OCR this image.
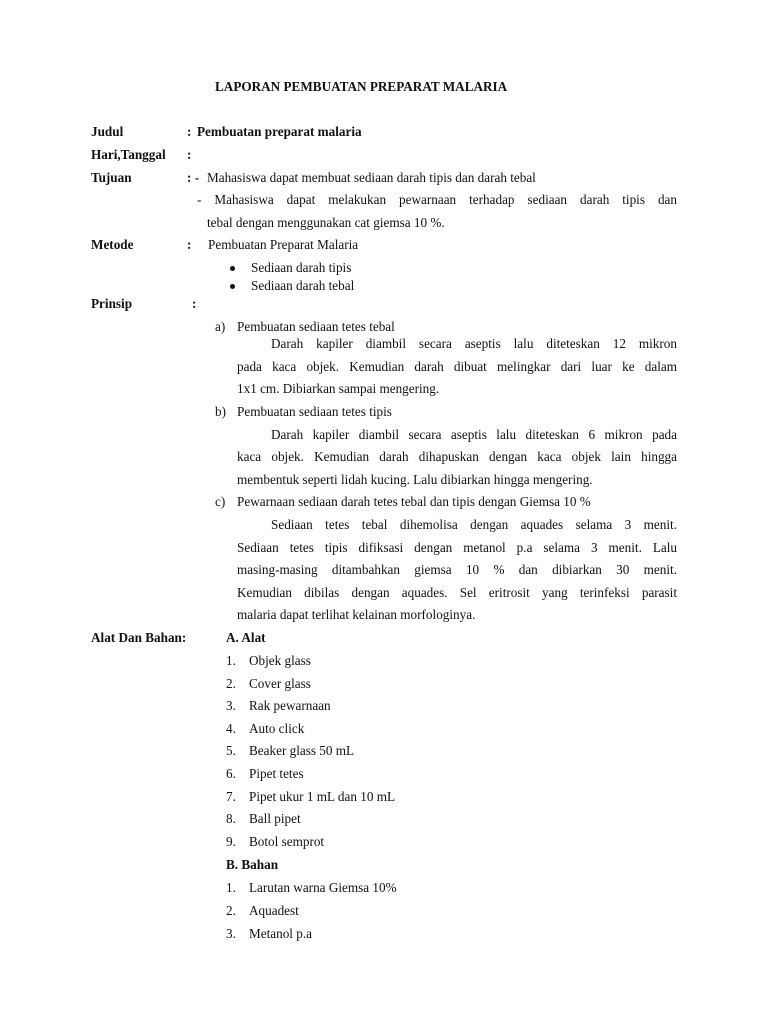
LAPORAN PEMBUATAN PREPARAT MALARIA
Judul	: Pembuatan preparat malaria
Hari,Tanggal :
Tujuan	: - Mahasiswa dapat membuat sediaan darah tipis dan darah tebal
- Mahasiswa dapat melakukan pewarnaan terhadap sediaan darah tipis dan
tebal dengan menggunakan cat giemsa 10 %.
Metode	: Pembuatan Preparat Malaria
Sediaan darah tipis
Sediaan darah tebal
Prinsip	:
a) Pembuatan sediaan tetes tebal
Darah kapiler diambil secara aseptis lalu diteteskan 12 mikron
pada kaca objek. Kemudian darah dibuat melingkar dari luar ke dalam
1x1 cm. Dibiarkan sampai mengering.
b) Pembuatan sediaan tetes tipis
Darah kapiler diambil secara aseptis lalu diteteskan 6 mikron pada
kaca objek. Kemudian darah dihapuskan dengan kaca objek lain hingga
membentuk seperti lidah kucing. Lalu dibiarkan hingga mengering.
c) Pewarnaan sediaan darah tetes tebal dan tipis dengan Giemsa 10 %
Sediaan tetes tebal dihemolisa dengan aquades selama 3 menit.
Sediaan tetes tipis difiksasi dengan metanol p.a selama 3 menit. Lalu
masing-masing ditambahkan giemsa 10 % dan dibiarkan 30 menit.
Kemudian dibilas dengan aquades. Sel eritrosit yang terinfeksi parasit
malaria dapat terlihat kelainan morfologinya.
Alat Dan Bahan:	A. Alat
1. Objek glass
2. Cover glass
3. Rak pewarnaan
4. Auto click
5. Beaker glass 50 mL
6. Pipet tetes
7. Pipet ukur 1 mL dan 10 mL
8. Ball pipet
9. Botol semprot
B. Bahan
1. Larutan warna Giemsa 10%
2. Aquadest
3. Metanol p.a
